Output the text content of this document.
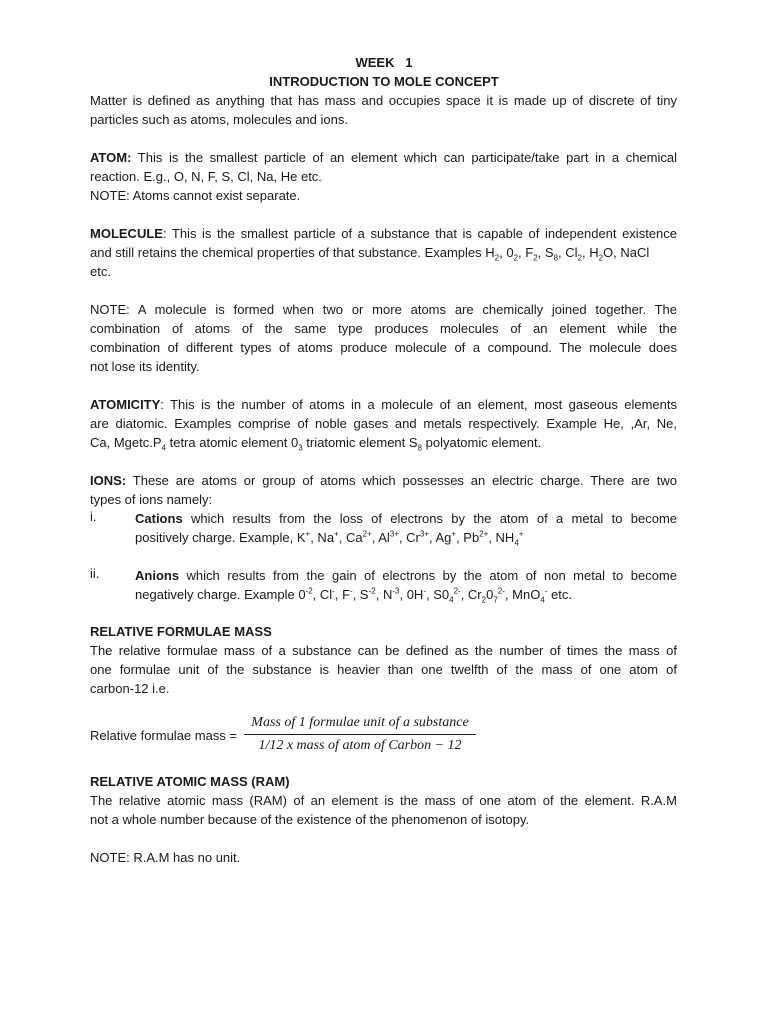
WEEK   1
INTRODUCTION TO MOLE CONCEPT
Matter is defined as anything that has mass and occupies space it is made up of discrete of tiny
particles such as atoms, molecules and ions.
ATOM: This is the smallest particle of an element which can participate/take part in a chemical
reaction. E.g., O, N, F, S, Cl, Na, He etc.
NOTE: Atoms cannot exist separate.
MOLECULE: This is the smallest particle of a substance that is capable of independent existence
and still retains the chemical properties of that substance. Examples $H_2$, $0_2$, $F_2$, $S_8$, $Cl_2$, $H_2O$, NaCl
etc.
NOTE: A molecule is formed when two or more atoms are chemically joined together. The
combination of atoms of the same type produces molecules of an element while the
combination of different types of atoms produce molecule of a compound. The molecule does
not lose its identity.
ATOMICITY: This is the number of atoms in a molecule of an element, most gaseous elements
are diatomic. Examples comprise of noble gases and metals respectively. Example He, ,Ar, Ne,
Ca, $Mgetc.P_4$ tetra atomic element $0_3$ triatomic element $S_8$ polyatomic element.
IONS: These are atoms or group of atoms which possesses an electric charge. There are two
types of ions namely:
i.	Cations which results from the loss of electrons by the atom of a metal to become
positively charge. Example, K+, Na+, $Ca^{2+}$, $Al^{3+}$, $Cr^{3+}$, Ag+, $Pb^{2+}$, $NH_4^+$
ii.	Anions which results from the gain of electrons by the atom of non metal to become
negatively charge. Example $0^{-2}$, Cl-, F-, $S^{-2}$, $N^{-3}$, 0H-, $S0_4^{2-}$, $Cr_20_7^{2-}$, MnO$_4$- etc.
RELATIVE FORMULAE MASS
The relative formulae mass of a substance can be defined as the number of times the mass of
one formulae unit of the substance is heavier than one twelfth of the mass of one atom of
carbon-12 i.e.
Relative formulae mass =
Mass of 1 formulae unit of a substance
1/12 x mass of atom of Carbon − 12
RELATIVE ATOMIC MASS (RAM)
The relative atomic mass (RAM) of an element is the mass of one atom of the element. R.A.M
not a whole number because of the existence of the phenomenon of isotopy.
NOTE: R.A.M has no unit.
